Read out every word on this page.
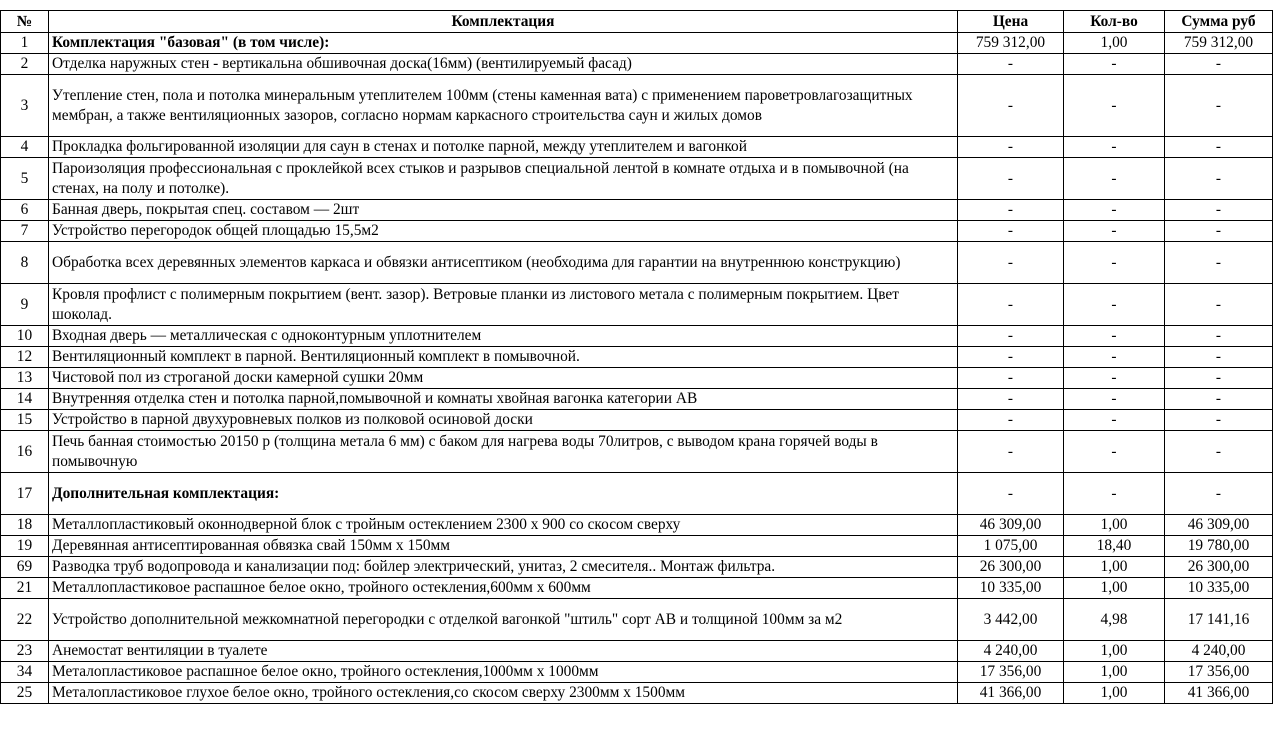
№	Комплектация	Цена	Кол-во	Сумма руб
1	Комплектация "базовая" (в том числе):	759 312,00	1,00	759 312,00
2	Отделка наружных стен - вертикальна обшивочная доска(16мм) (вентилируемый фасад)	-	-	-
3	Утепление стен, пола и потолка минеральным утеплителем 100мм (стены каменная вата) с применением пароветровлагозащитных мембран, а также вентиляционных зазоров, согласно нормам каркасного строительства саун и жилых домов	-	-	-
4	Прокладка фольгированной изоляции для саун в стенах и потолке парной, между утеплителем и вагонкой	-	-	-
5	Пароизоляция профессиональная с проклейкой всех стыков и разрывов специальной лентой в комнате отдыха и в помывочной (на стенах, на полу и потолке).	-	-	-
6	Банная дверь, покрытая спец. составом — 2шт	-	-	-
7	Устройство перегородок общей площадью 15,5м2	-	-	-
8	Обработка всех деревянных элементов каркаса и обвязки антисептиком (необходима для гарантии на внутреннюю конструкцию)	-	-	-
9	Кровля профлист с полимерным покрытием (вент. зазор). Ветровые планки из листового метала с полимерным покрытием. Цвет шоколад.	-	-	-
10	Входная дверь — металлическая с одноконтурным уплотнителем	-	-	-
12	Вентиляционный комплект в парной. Вентиляционный комплект в помывочной.	-	-	-
13	Чистовой пол из строганой доски камерной сушки 20мм	-	-	-
14	Внутренняя отделка стен и потолка парной,помывочной и комнаты хвойная вагонка категории АВ	-	-	-
15	Устройство в парной двухуровневых полков из полковой осиновой доски	-	-	-
16	Печь банная стоимостью 20150 р (толщина метала 6 мм) с баком для нагрева воды 70литров, с выводом крана горячей воды в помывочную	-	-	-
17	Дополнительная комплектация:	-	-	-
18	Металлопластиковый оконнодверной блок с тройным остеклением 2300 х 900 со скосом сверху	46 309,00	1,00	46 309,00
19	Деревянная антисептированная обвязка свай 150мм х 150мм	1 075,00	18,40	19 780,00
69	Разводка труб водопровода и канализации под: бойлер электрический, унитаз, 2 смесителя.. Монтаж фильтра.	26 300,00	1,00	26 300,00
21	Металлопластиковое распашное белое окно, тройного остекления,600мм х 600мм	10 335,00	1,00	10 335,00
22	Устройство дополнительной межкомнатной перегородки с отделкой вагонкой "штиль" сорт АВ и толщиной 100мм за м2	3 442,00	4,98	17 141,16
23	Анемостат вентиляции в туалете	4 240,00	1,00	4 240,00
34	Металопластиковое распашное белое окно, тройного остекления,1000мм х 1000мм	17 356,00	1,00	17 356,00
25	Металопластиковое глухое белое окно, тройного остекления,со скосом сверху 2300мм х 1500мм	41 366,00	1,00	41 366,00
